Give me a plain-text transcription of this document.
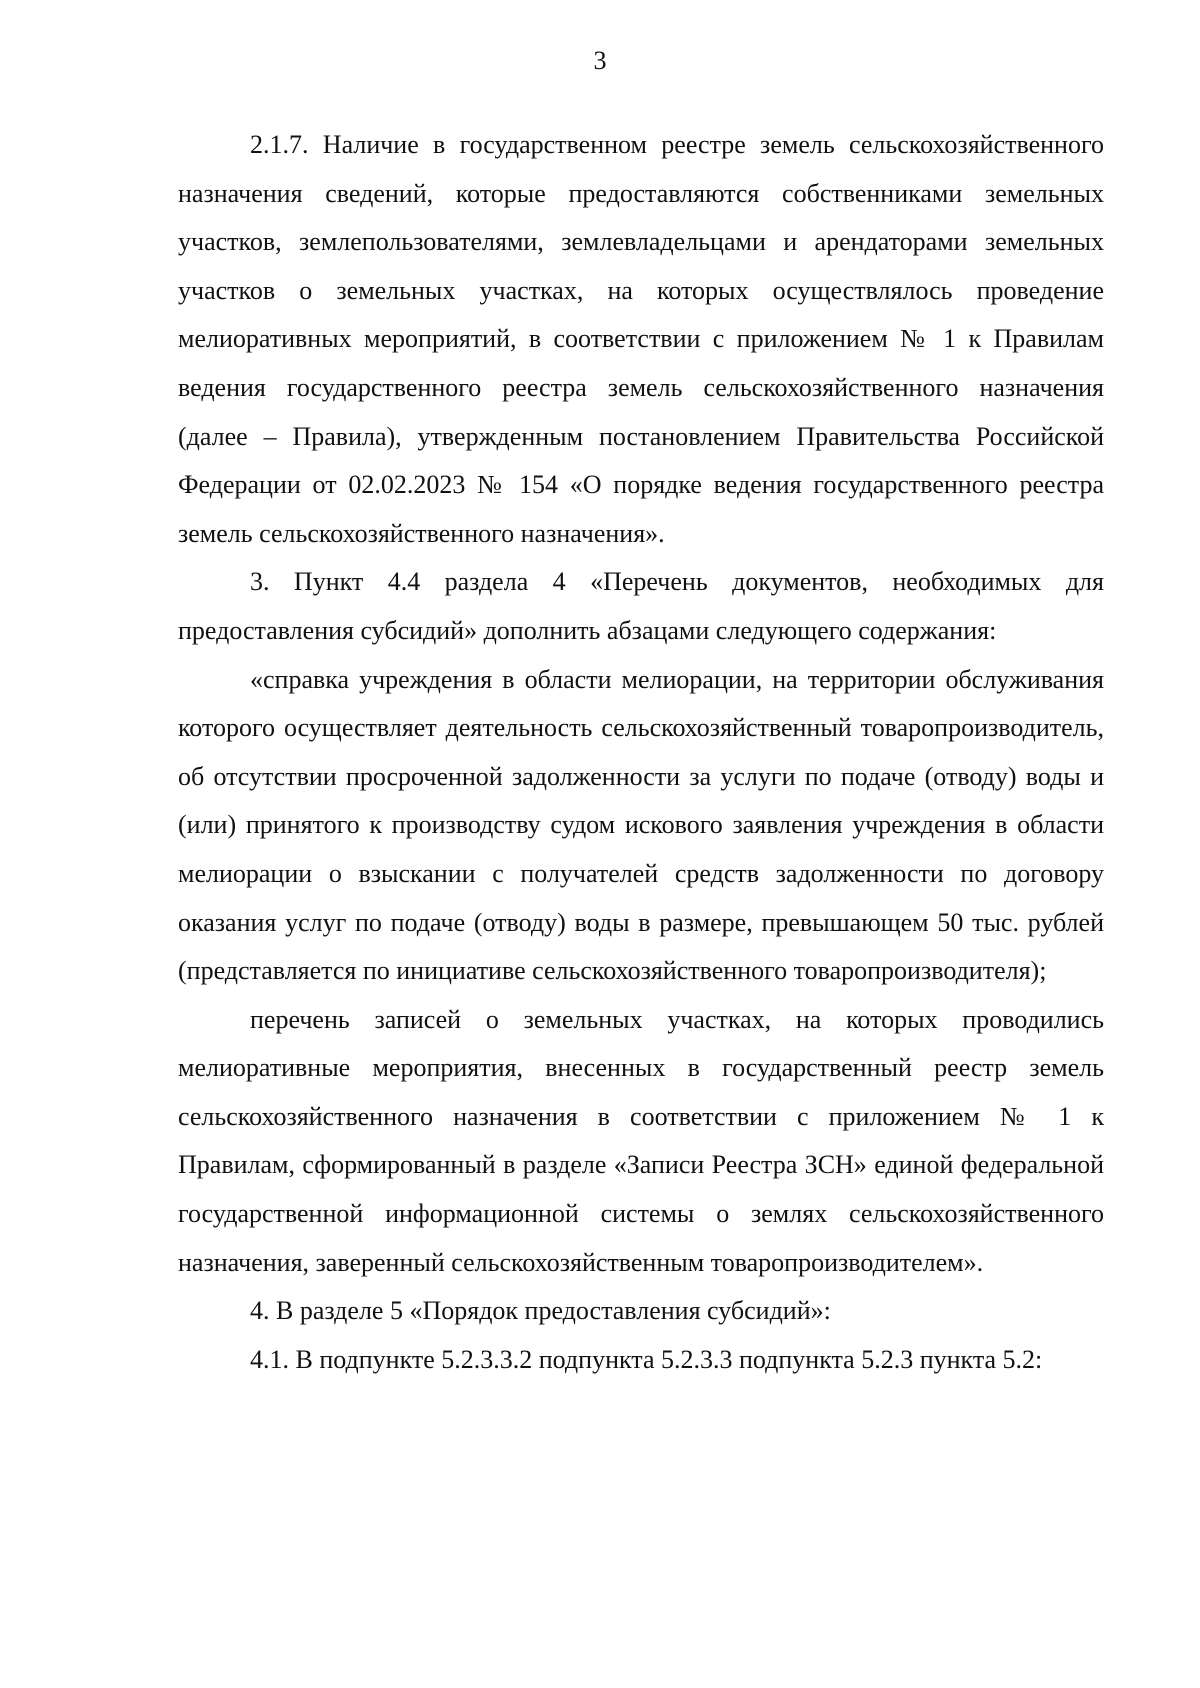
3

2.1.7. Наличие в государственном реестре земель сельскохозяйственного назначения сведений, которые предоставляются собственниками земельных участков, землепользователями, землевладельцами и арендаторами земельных участков о земельных участках, на которых осуществлялось проведение мелиоративных мероприятий, в соответствии с приложением № 1 к Правилам ведения государственного реестра земель сельскохозяйственного назначения (далее – Правила), утвержденным постановлением Правительства Российской Федерации от 02.02.2023 № 154 «О порядке ведения государственного реестра земель сельскохозяйственного назначения».

3. Пункт 4.4 раздела 4 «Перечень документов, необходимых для предоставления субсидий» дополнить абзацами следующего содержания:

«справка учреждения в области мелиорации, на территории обслуживания которого осуществляет деятельность сельскохозяйственный товаропроизводитель, об отсутствии просроченной задолженности за услуги по подаче (отводу) воды и (или) принятого к производству судом искового заявления учреждения в области мелиорации о взыскании с получателей средств задолженности по договору оказания услуг по подаче (отводу) воды в размере, превышающем 50 тыс. рублей (представляется по инициативе сельскохозяйственного товаропроизводителя);

перечень записей о земельных участках, на которых проводились мелиоративные мероприятия, внесенных в государственный реестр земель сельскохозяйственного назначения в соответствии с приложением № 1 к Правилам, сформированный в разделе «Записи Реестра ЗСН» единой федеральной государственной информационной системы о землях сельскохозяйственного назначения, заверенный сельскохозяйственным товаропроизводителем».

4. В разделе 5 «Порядок предоставления субсидий»:

4.1. В подпункте 5.2.3.3.2 подпункта 5.2.3.3 подпункта 5.2.3 пункта 5.2:
